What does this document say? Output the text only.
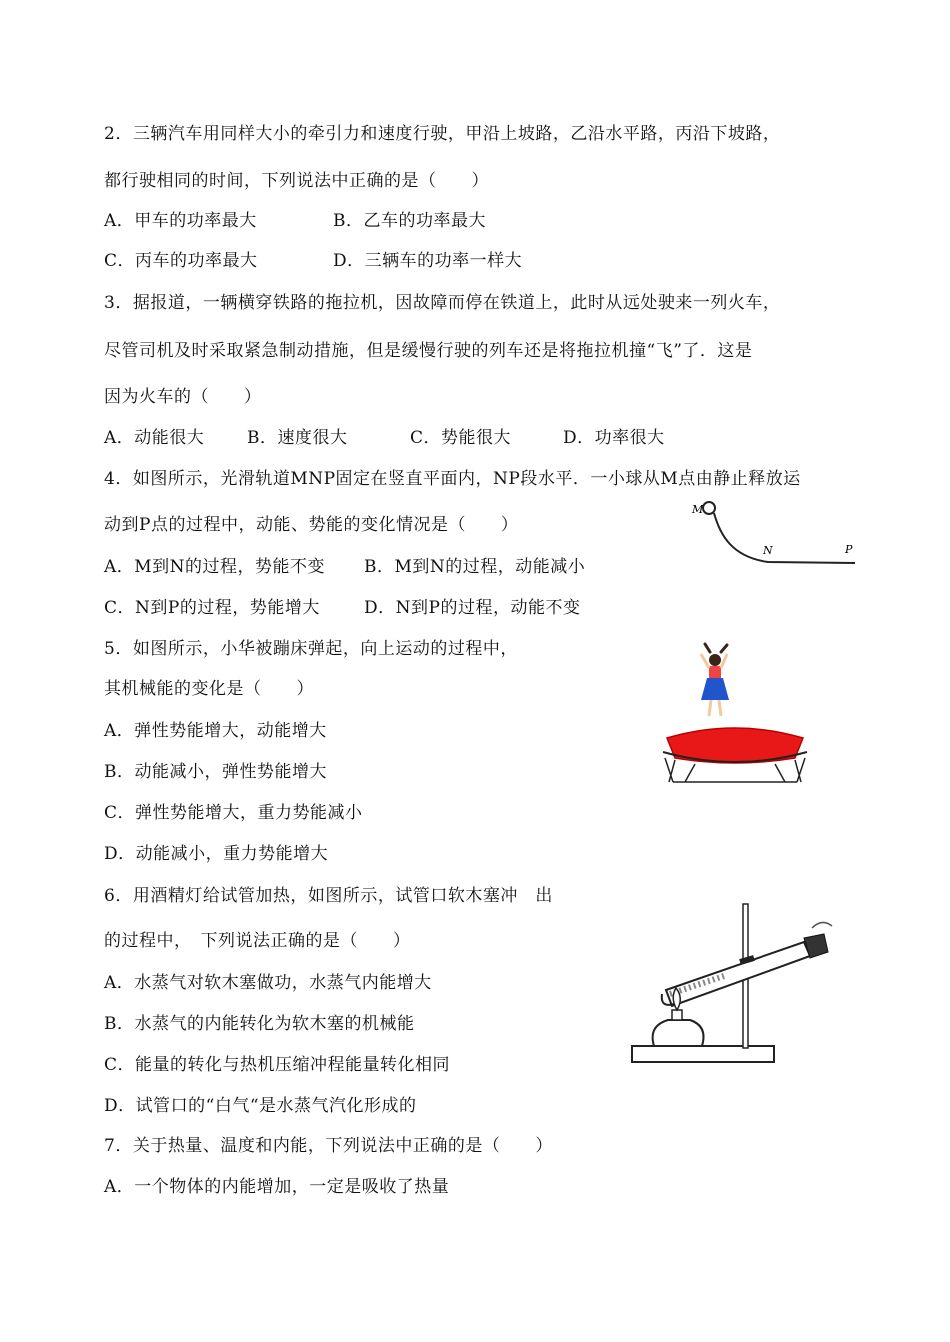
2．三辆汽车用同样大小的牵引力和速度行驶，甲沿上坡路，乙沿水平路，丙沿下坡路，
都行驶相同的时间，下列说法中正确的是（　　）
A．甲车的功率最大	B．乙车的功率最大
C．丙车的功率最大	D．三辆车的功率一样大
3．据报道，一辆横穿铁路的拖拉机，因故障而停在铁道上，此时从远处驶来一列火车，
尽管司机及时采取紧急制动措施，但是缓慢行驶的列车还是将拖拉机撞“飞”了．这是
因为火车的（　　）
A．动能很大	B．速度很大	C．势能很大	D．功率很大
4．如图所示，光滑轨道MNP固定在竖直平面内，NP段水平．一小球从M点由静止释放运
动到P点的过程中，动能、势能的变化情况是（　　）
A．M到N的过程，势能不变 B．M到N的过程，动能减小
C．N到P的过程，势能增大	D．N到P的过程，动能不变
M
N	P
5．如图所示，小华被蹦床弹起，向上运动的过程中，
其机械能的变化是（　　）
A．弹性势能增大，动能增大
B．动能减小，弹性势能增大
C．弹性势能增大，重力势能减小
D．动能减小，重力势能增大
6．用酒精灯给试管加热，如图所示，试管口软木塞冲　出
的过程中，　下列说法正确的是（　　）
A．水蒸气对软木塞做功，水蒸气内能增大
B．水蒸气的内能转化为软木塞的机械能
C．能量的转化与热机压缩冲程能量转化相同
D．试管口的“白气“是水蒸气汽化形成的
7．关于热量、温度和内能，下列说法中正确的是（　　）
A．一个物体的内能增加，一定是吸收了热量
